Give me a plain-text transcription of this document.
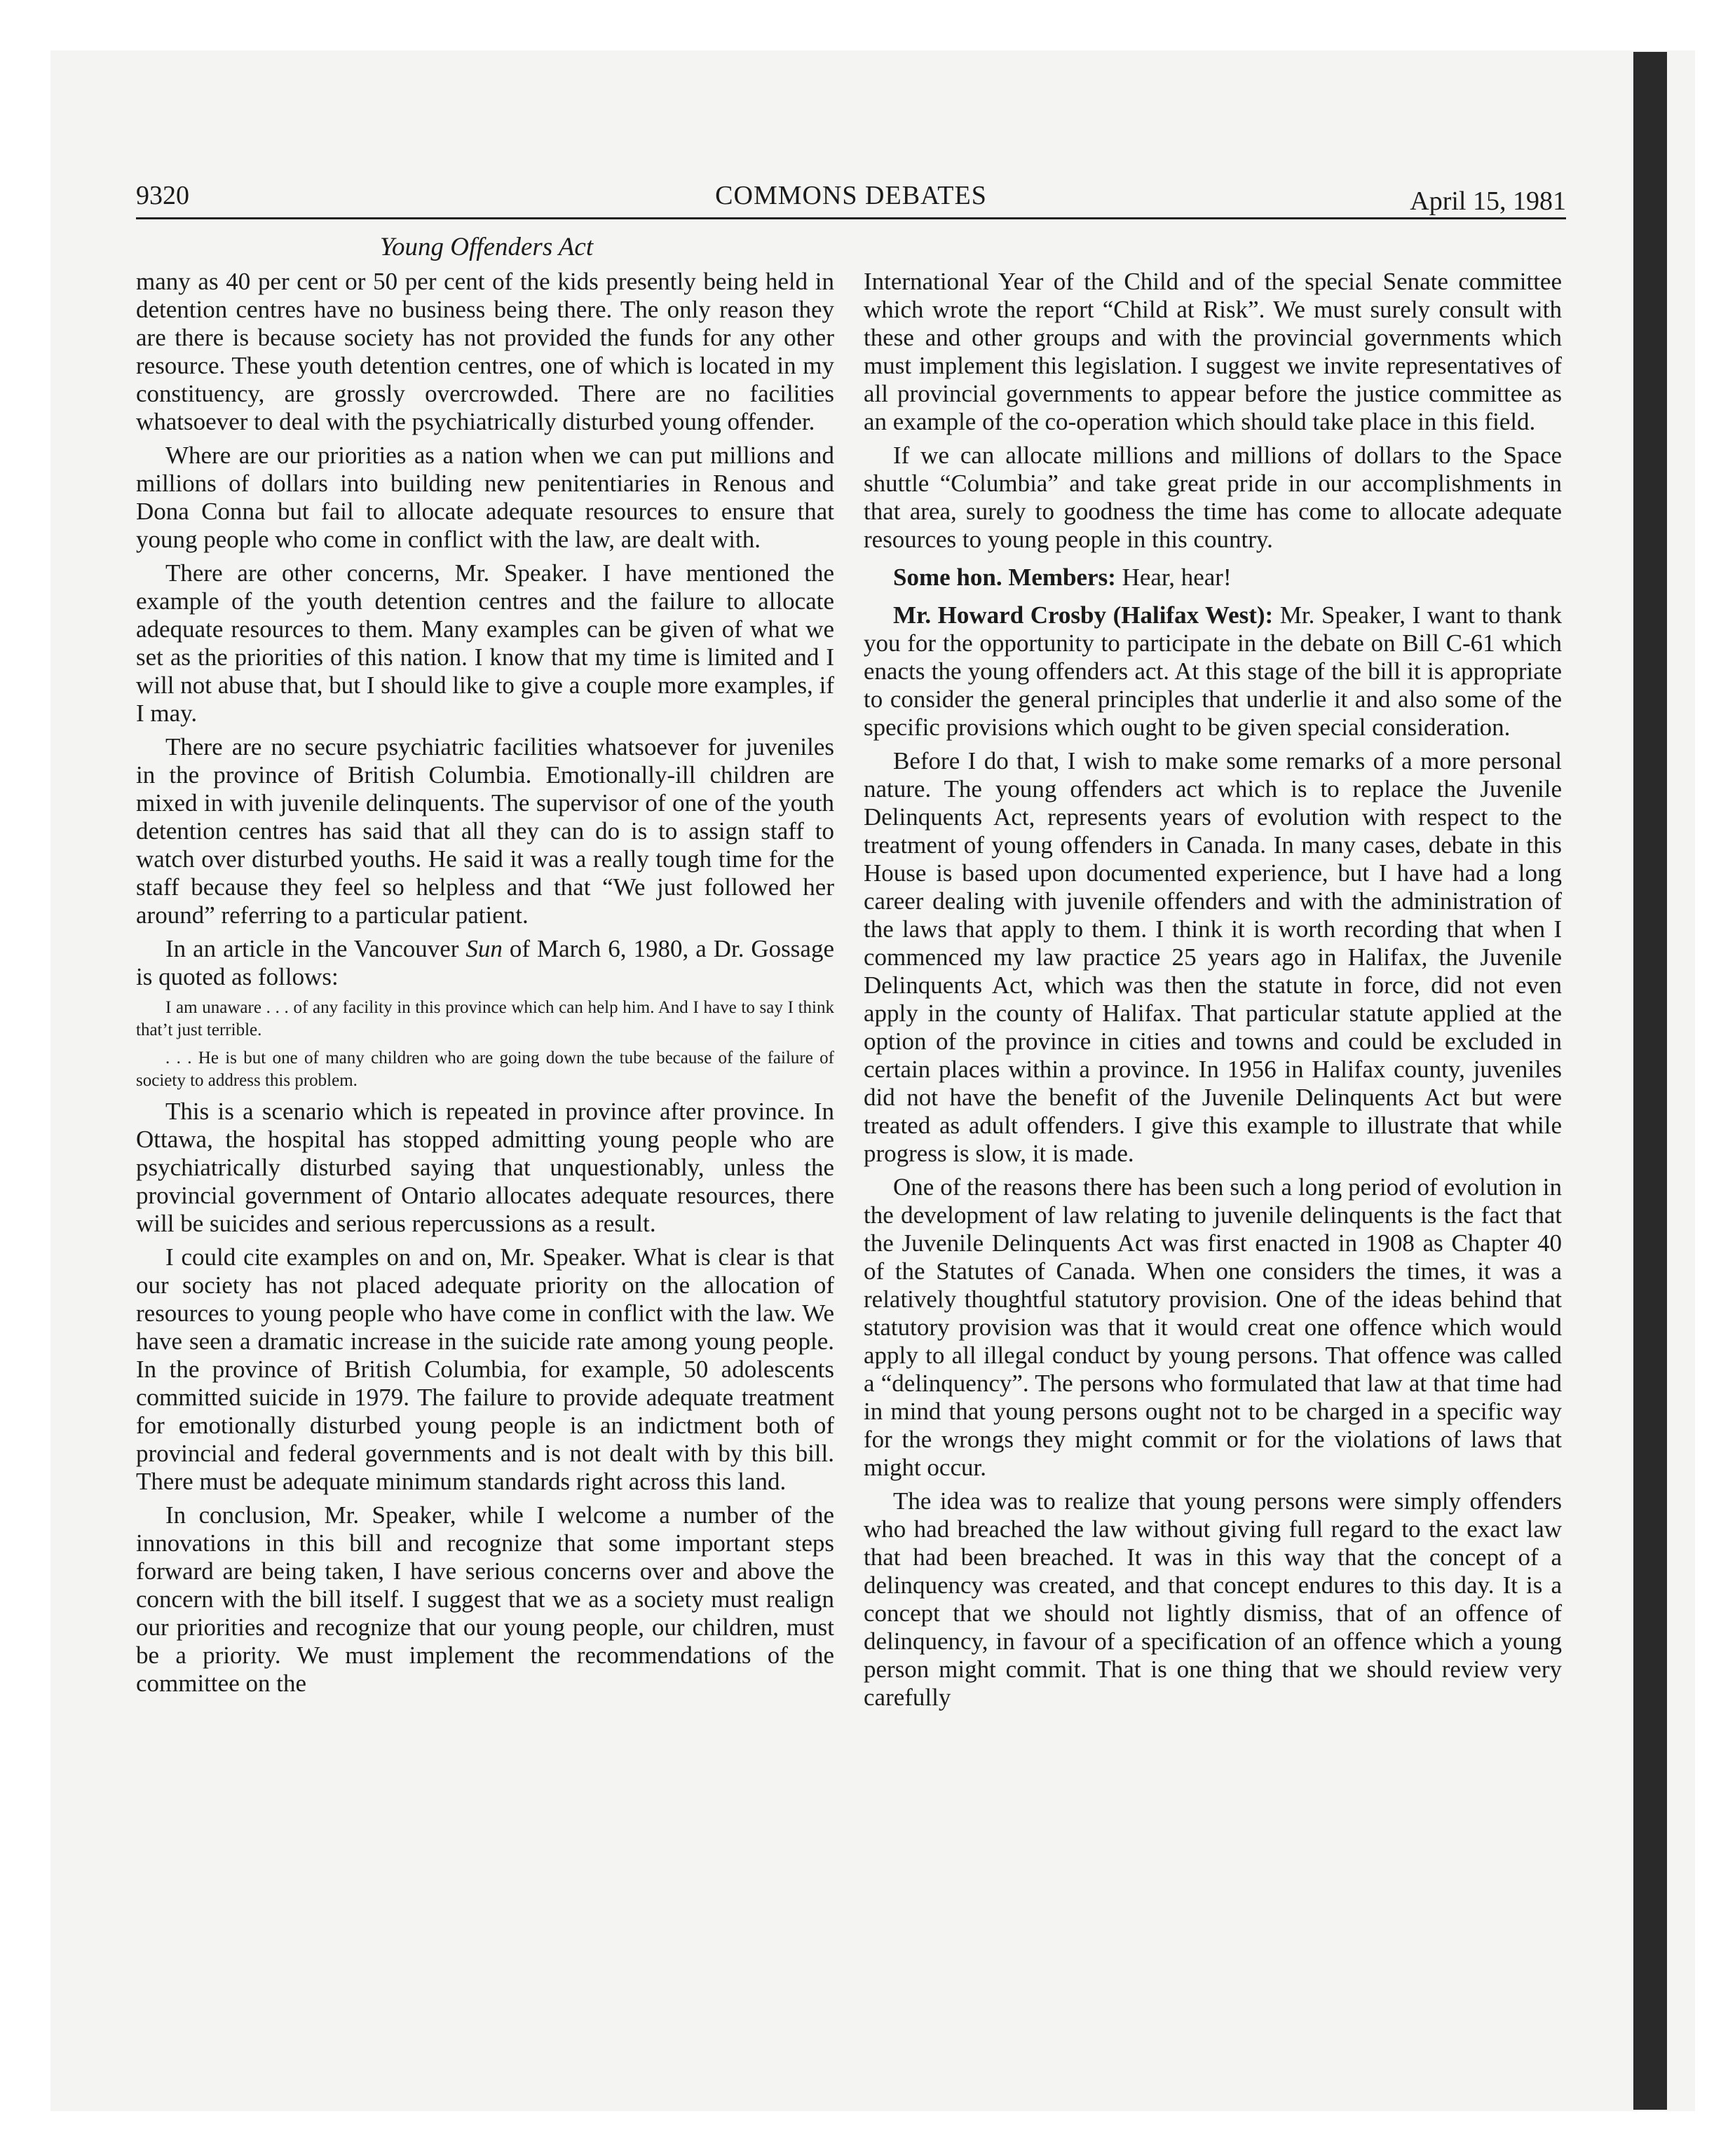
9320	COMMONS DEBATES	April 15, 1981
Young Offenders Act

many as 40 per cent or 50 per cent of the kids presently being held in detention centres have no business being there. The only reason they are there is because society has not provided the funds for any other resource. These youth detention centres, one of which is located in my constituency, are grossly overcrowded. There are no facilities whatsoever to deal with the psychiatrically disturbed young offender.

Where are our priorities as a nation when we can put millions and millions of dollars into building new penitentiaries in Renous and Dona Conna but fail to allocate adequate resources to ensure that young people who come in conflict with the law, are dealt with.

There are other concerns, Mr. Speaker. I have mentioned the example of the youth detention centres and the failure to allocate adequate resources to them. Many examples can be given of what we set as the priorities of this nation. I know that my time is limited and I will not abuse that, but I should like to give a couple more examples, if I may.

There are no secure psychiatric facilities whatsoever for juveniles in the province of British Columbia. Emotionally-ill children are mixed in with juvenile delinquents. The supervisor of one of the youth detention centres has said that all they can do is to assign staff to watch over disturbed youths. He said it was a really tough time for the staff because they feel so helpless and that “We just followed her around” referring to a particular patient.

In an article in the Vancouver Sun of March 6, 1980, a Dr. Gossage is quoted as follows:

I am unaware . . . of any facility in this province which can help him. And I have to say I think that’t just terrible.

. . . He is but one of many children who are going down the tube because of the failure of society to address this problem.

This is a scenario which is repeated in province after province. In Ottawa, the hospital has stopped admitting young people who are psychiatrically disturbed saying that unquestionably, unless the provincial government of Ontario allocates adequate resources, there will be suicides and serious repercussions as a result.

I could cite examples on and on, Mr. Speaker. What is clear is that our society has not placed adequate priority on the allocation of resources to young people who have come in conflict with the law. We have seen a dramatic increase in the suicide rate among young people. In the province of British Columbia, for example, 50 adolescents committed suicide in 1979. The failure to provide adequate treatment for emotionally disturbed young people is an indictment both of provincial and federal governments and is not dealt with by this bill. There must be adequate minimum standards right across this land.

In conclusion, Mr. Speaker, while I welcome a number of the innovations in this bill and recognize that some important steps forward are being taken, I have serious concerns over and above the concern with the bill itself. I suggest that we as a society must realign our priorities and recognize that our young people, our children, must be a priority. We must implement the recommendations of the committee on the

International Year of the Child and of the special Senate committee which wrote the report “Child at Risk”. We must surely consult with these and other groups and with the provincial governments which must implement this legislation. I suggest we invite representatives of all provincial governments to appear before the justice committee as an example of the co-operation which should take place in this field.

If we can allocate millions and millions of dollars to the Space shuttle “Columbia” and take great pride in our accomplishments in that area, surely to goodness the time has come to allocate adequate resources to young people in this country.

Some hon. Members: Hear, hear!

Mr. Howard Crosby (Halifax West): Mr. Speaker, I want to thank you for the opportunity to participate in the debate on Bill C-61 which enacts the young offenders act. At this stage of the bill it is appropriate to consider the general principles that underlie it and also some of the specific provisions which ought to be given special consideration.

Before I do that, I wish to make some remarks of a more personal nature. The young offenders act which is to replace the Juvenile Delinquents Act, represents years of evolution with respect to the treatment of young offenders in Canada. In many cases, debate in this House is based upon documented experience, but I have had a long career dealing with juvenile offenders and with the administration of the laws that apply to them. I think it is worth recording that when I commenced my law practice 25 years ago in Halifax, the Juvenile Delinquents Act, which was then the statute in force, did not even apply in the county of Halifax. That particular statute applied at the option of the province in cities and towns and could be excluded in certain places within a province. In 1956 in Halifax county, juveniles did not have the benefit of the Juvenile Delinquents Act but were treated as adult offenders. I give this example to illustrate that while progress is slow, it is made.

One of the reasons there has been such a long period of evolution in the development of law relating to juvenile delinquents is the fact that the Juvenile Delinquents Act was first enacted in 1908 as Chapter 40 of the Statutes of Canada. When one considers the times, it was a relatively thoughtful statutory provision. One of the ideas behind that statutory provision was that it would creat one offence which would apply to all illegal conduct by young persons. That offence was called a “delinquency”. The persons who formulated that law at that time had in mind that young persons ought not to be charged in a specific way for the wrongs they might commit or for the violations of laws that might occur.

The idea was to realize that young persons were simply offenders who had breached the law without giving full regard to the exact law that had been breached. It was in this way that the concept of a delinquency was created, and that concept endures to this day. It is a concept that we should not lightly dismiss, that of an offence of delinquency, in favour of a specification of an offence which a young person might commit. That is one thing that we should review very carefully
